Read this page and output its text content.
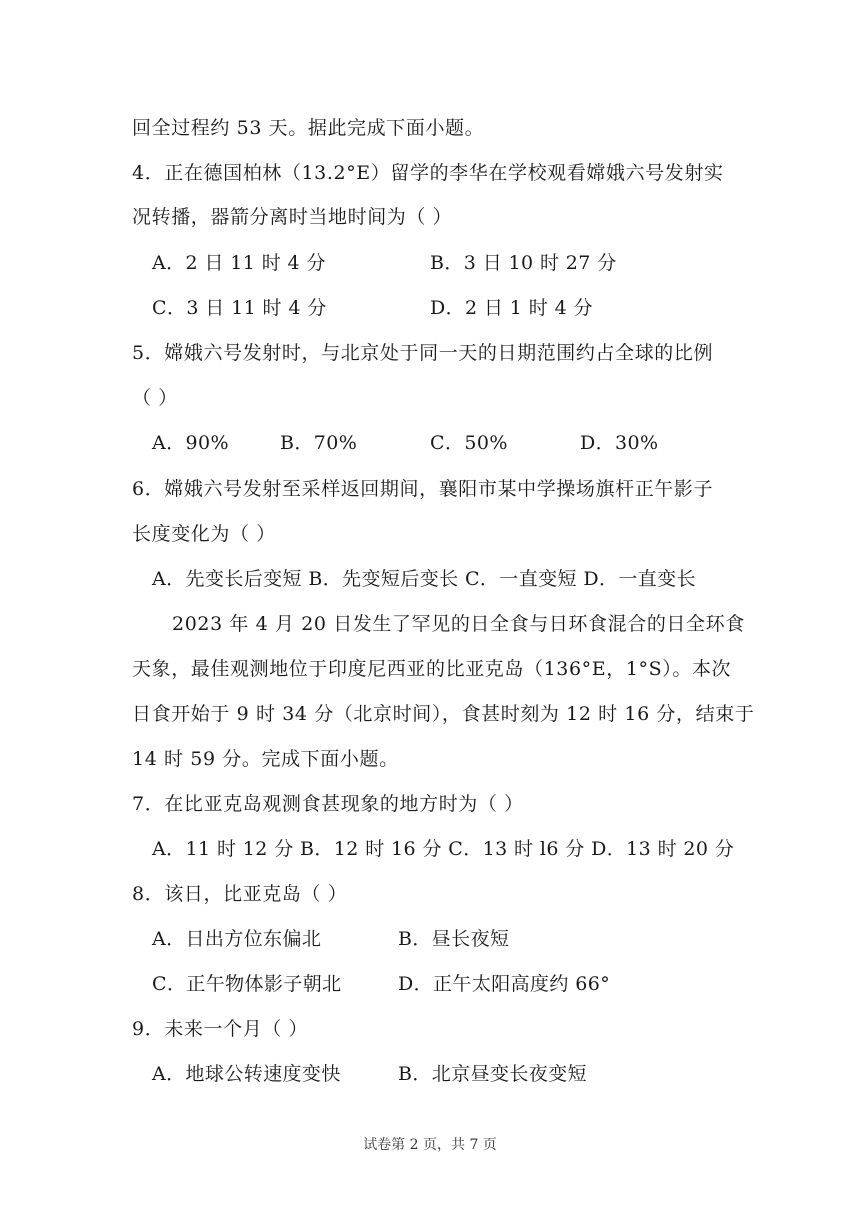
回全过程约 53 天。据此完成下面小题。
4．正在德国柏林（13.2°E）留学的李华在学校观看嫦娥六号发射实
况转播，器箭分离时当地时间为（ ）
A．2 日 11 时 4 分	B．3 日 10 时 27 分
C．3 日 11 时 4 分	D．2 日 1 时 4 分
5．嫦娥六号发射时，与北京处于同一天的日期范围约占全球的比例
（ ）
A．90%	B．70%	C．50%	D．30%
6．嫦娥六号发射至采样返回期间，襄阳市某中学操场旗杆正午影子
长度变化为（ ）
A．先变长后变短 B．先变短后变长 C．一直变短 D．一直变长
2023 年 4 月 20 日发生了罕见的日全食与日环食混合的日全环食
天象，最佳观测地位于印度尼西亚的比亚克岛（136°E，1°S）。本次
日食开始于 9 时 34 分（北京时间），食甚时刻为 12 时 16 分，结束于
14 时 59 分。完成下面小题。
7．在比亚克岛观测食甚现象的地方时为（ ）
A．11 时 12 分 B．12 时 16 分 C．13 时 l6 分 D．13 时 20 分
8．该日，比亚克岛（ ）
A．日出方位东偏北	B．昼长夜短
C．正午物体影子朝北	D．正午太阳高度约 66°
9．未来一个月（ ）
A．地球公转速度变快	B．北京昼变长夜变短
试卷第 2 页，共 7 页
